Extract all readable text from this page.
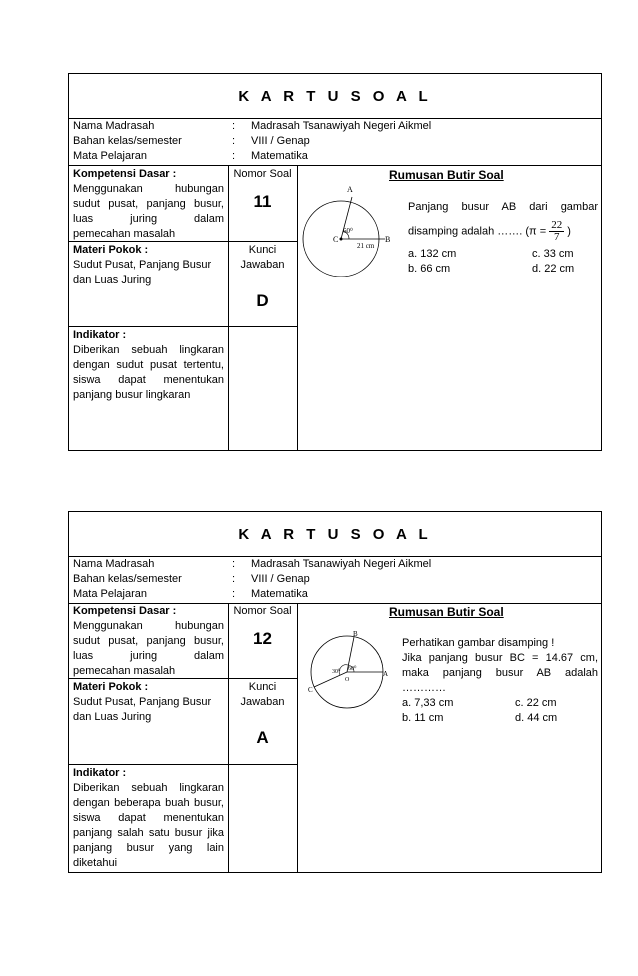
K A R T U S O A L
Nama Madrasah	: Madrasah Tsanawiyah Negeri Aikmel
Bahan kelas/semester	: VIII / Genap
Mata Pelajaran	: Matematika
Kompetensi Dasar :
Menggunakan hubungan
sudut pusat, panjang busur,
luas juring dalam
pemecahan masalah
Nomor Soal
11
Materi Pokok :
Sudut Pusat, Panjang Busur dan Luas Juring
Kunci
Jawaban
D
Indikator :
Diberikan sebuah lingkaran dengan sudut pusat tertentu, siswa dapat menentukan panjang busur lingkaran
Rumusan Butir Soal
A
B
C
60⁰
21 cm
Panjang busur AB dari gambar
disamping adalah ……. ($\pi = \frac{22}{7}$ )
a. 132 cm	c. 33 cm
b. 66 cm	d. 22 cm
K A R T U S O A L
Nama Madrasah	: Madrasah Tsanawiyah Negeri Aikmel
Bahan kelas/semester	: VIII / Genap
Mata Pelajaran	: Matematika
Kompetensi Dasar :
Menggunakan hubungan
sudut pusat, panjang busur,
luas juring dalam
pemecahan masalah
Nomor Soal
12
Materi Pokok :
Sudut Pusat, Panjang Busur dan Luas Juring
Kunci
Jawaban
A
Indikator :
Diberikan sebuah lingkaran dengan beberapa buah busur, siswa dapat menentukan panjang salah satu busur jika panjang busur yang lain diketahui
Rumusan Butir Soal
B
A
C
O
30⁰ 60⁰
Perhatikan gambar disamping !
Jika panjang busur BC = 14.67 cm, maka panjang busur AB adalah …………
a. 7,33 cm	c. 22 cm
b. 11 cm	d. 44 cm
